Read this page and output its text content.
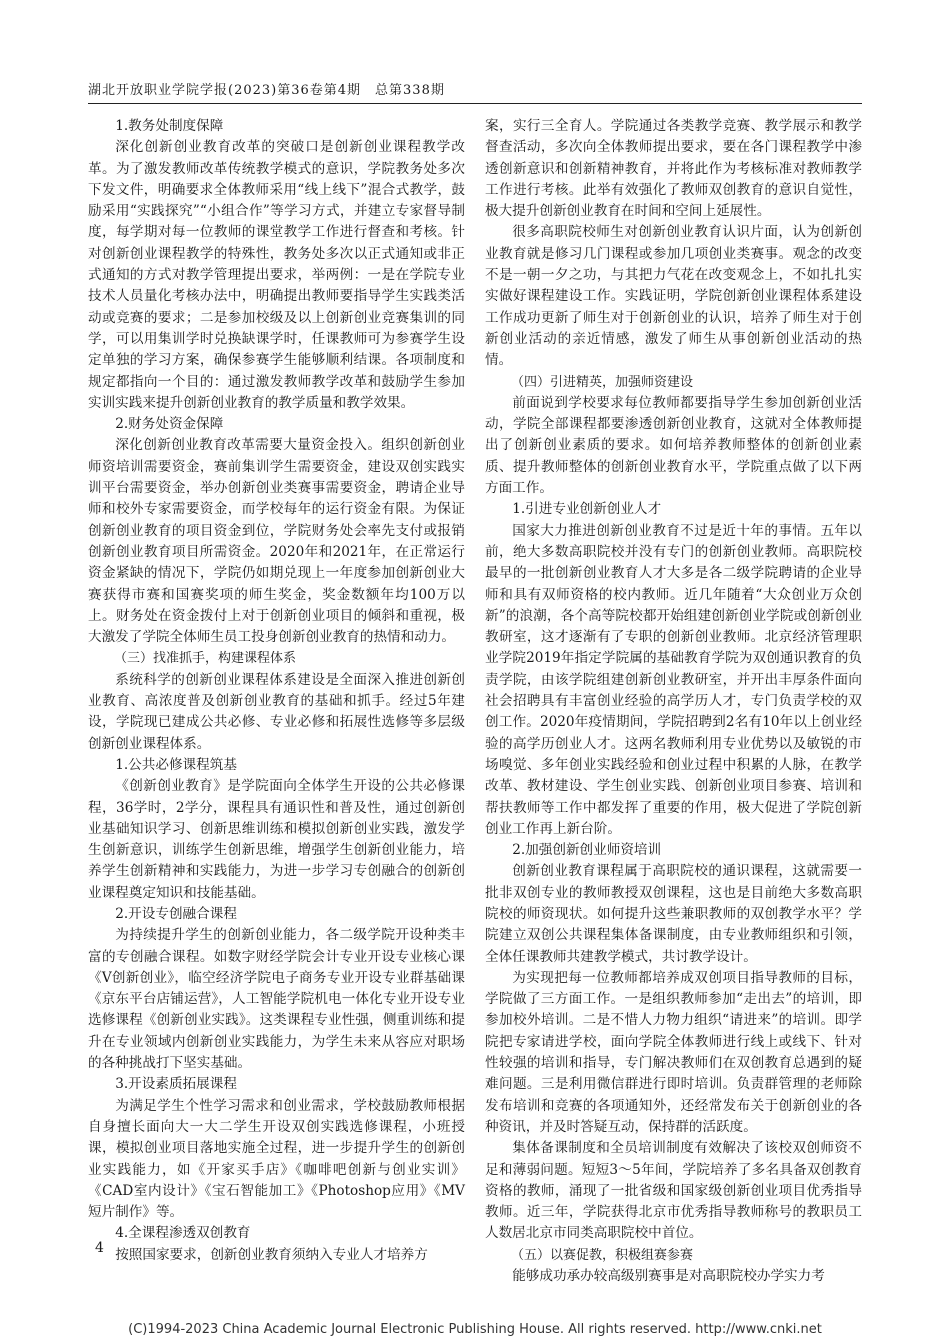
湖北开放职业学院学报(2023)第36卷第4期　总第338期

1.教务处制度保障

深化创新创业教育改革的突破口是创新创业课程教学改革。为了激发教师改革传统教学模式的意识，学院教务处多次下发文件，明确要求全体教师采用“线上线下”混合式教学，鼓励采用“实践探究”“小组合作”等学习方式，并建立专家督导制度，每学期对每一位教师的课堂教学工作进行督查和考核。针对创新创业课程教学的特殊性，教务处多次以正式通知或非正式通知的方式对教学管理提出要求，举两例：一是在学院专业技术人员量化考核办法中，明确提出教师要指导学生实践类活动或竞赛的要求；二是参加校级及以上创新创业竞赛集训的同学，可以用集训学时兑换缺课学时，任课教师可为参赛学生设定单独的学习方案，确保参赛学生能够顺利结课。各项制度和规定都指向一个目的：通过激发教师教学改革和鼓励学生参加实训实践来提升创新创业教育的教学质量和教学效果。

2.财务处资金保障

深化创新创业教育改革需要大量资金投入。组织创新创业师资培训需要资金，赛前集训学生需要资金，建设双创实践实训平台需要资金，举办创新创业类赛事需要资金，聘请企业导师和校外专家需要资金，而学校每年的运行资金有限。为保证创新创业教育的项目资金到位，学院财务处会率先支付或报销创新创业教育项目所需资金。2020年和2021年，在正常运行资金紧缺的情况下，学院仍如期兑现上一年度参加创新创业大赛获得市赛和国赛奖项的师生奖金，奖金数额年均100万以上。财务处在资金拨付上对于创新创业项目的倾斜和重视，极大激发了学院全体师生员工投身创新创业教育的热情和动力。

（三）找准抓手，构建课程体系

系统科学的创新创业课程体系建设是全面深入推进创新创业教育、高浓度普及创新创业教育的基础和抓手。经过5年建设，学院现已建成公共必修、专业必修和拓展性选修等多层级创新创业课程体系。

1.公共必修课程筑基

《创新创业教育》是学院面向全体学生开设的公共必修课程，36学时，2学分，课程具有通识性和普及性，通过创新创业基础知识学习、创新思维训练和模拟创新创业实践，激发学生创新意识，训练学生创新思维，增强学生创新创业能力，培养学生创新精神和实践能力，为进一步学习专创融合的创新创业课程奠定知识和技能基础。

2.开设专创融合课程

为持续提升学生的创新创业能力，各二级学院开设种类丰富的专创融合课程。如数字财经学院会计专业开设专业核心课《V创新创业》，临空经济学院电子商务专业开设专业群基础课《京东平台店铺运营》，人工智能学院机电一体化专业开设专业选修课程《创新创业实践》。这类课程专业性强，侧重训练和提升在专业领域内创新创业实践能力，为学生未来从容应对职场的各种挑战打下坚实基础。

3.开设素质拓展课程

为满足学生个性学习需求和创业需求，学校鼓励教师根据自身擅长面向大一大二学生开设双创实践选修课程，小班授课，模拟创业项目落地实施全过程，进一步提升学生的创新创业实践能力，如《开家买手店》《咖啡吧创新与创业实训》《CAD室内设计》《宝石智能加工》《Photoshop应用》《MV短片制作》等。

4.全课程渗透双创教育

按照国家要求，创新创业教育须纳入专业人才培养方

案，实行三全育人。学院通过各类教学竞赛、教学展示和教学督查活动，多次向全体教师提出要求，要在各门课程教学中渗透创新意识和创新精神教育，并将此作为考核标准对教师教学工作进行考核。此举有效强化了教师双创教育的意识自觉性，极大提升创新创业教育在时间和空间上延展性。

很多高职院校师生对创新创业教育认识片面，认为创新创业教育就是修习几门课程或参加几项创业类赛事。观念的改变不是一朝一夕之功，与其把力气花在改变观念上，不如扎扎实实做好课程建设工作。实践证明，学院创新创业课程体系建设工作成功更新了师生对于创新创业的认识，培养了师生对于创新创业活动的亲近情感，激发了师生从事创新创业活动的热情。

（四）引进精英，加强师资建设

前面说到学校要求每位教师都要指导学生参加创新创业活动，学院全部课程都要渗透创新创业教育，这就对全体教师提出了创新创业素质的要求。如何培养教师整体的创新创业素质、提升教师整体的创新创业教育水平，学院重点做了以下两方面工作。

1.引进专业创新创业人才

国家大力推进创新创业教育不过是近十年的事情。五年以前，绝大多数高职院校并没有专门的创新创业教师。高职院校最早的一批创新创业教育人才大多是各二级学院聘请的企业导师和具有双师资格的校内教师。近几年随着“大众创业万众创新”的浪潮，各个高等院校都开始组建创新创业学院或创新创业教研室，这才逐渐有了专职的创新创业教师。北京经济管理职业学院2019年指定学院属的基础教育学院为双创通识教育的负责学院，由该学院组建创新创业教研室，并开出丰厚条件面向社会招聘具有丰富创业经验的高学历人才，专门负责学校的双创工作。2020年疫情期间，学院招聘到2名有10年以上创业经验的高学历创业人才。这两名教师利用专业优势以及敏锐的市场嗅觉、多年创业实践经验和创业过程中积累的人脉，在教学改革、教材建设、学生创业实践、创新创业项目参赛、培训和帮扶教师等工作中都发挥了重要的作用，极大促进了学院创新创业工作再上新台阶。

2.加强创新创业师资培训

创新创业教育课程属于高职院校的通识课程，这就需要一批非双创专业的教师教授双创课程，这也是目前绝大多数高职院校的师资现状。如何提升这些兼职教师的双创教学水平？学院建立双创公共课程集体备课制度，由专业教师组织和引领，全体任课教师共建教学模式，共讨教学设计。

为实现把每一位教师都培养成双创项目指导教师的目标，学院做了三方面工作。一是组织教师参加“走出去”的培训，即参加校外培训。二是不惜人力物力组织“请进来”的培训。即学院把专家请进学校，面向学院全体教师进行线上或线下、针对性较强的培训和指导，专门解决教师们在双创教育总遇到的疑难问题。三是利用微信群进行即时培训。负责群管理的老师除发布培训和竞赛的各项通知外，还经常发布关于创新创业的各种资讯，并及时答疑互动，保持群的活跃度。

集体备课制度和全员培训制度有效解决了该校双创师资不足和薄弱问题。短短3～5年间，学院培养了多名具备双创教育资格的教师，涌现了一批省级和国家级创新创业项目优秀指导教师。近三年，学院获得北京市优秀指导教师称号的教职员工人数居北京市同类高职院校中首位。

（五）以赛促教，积极组赛参赛

能够成功承办较高级别赛事是对高职院校办学实力考

4
(C)1994-2023 China Academic Journal Electronic Publishing House. All rights reserved. http://www.cnki.net
